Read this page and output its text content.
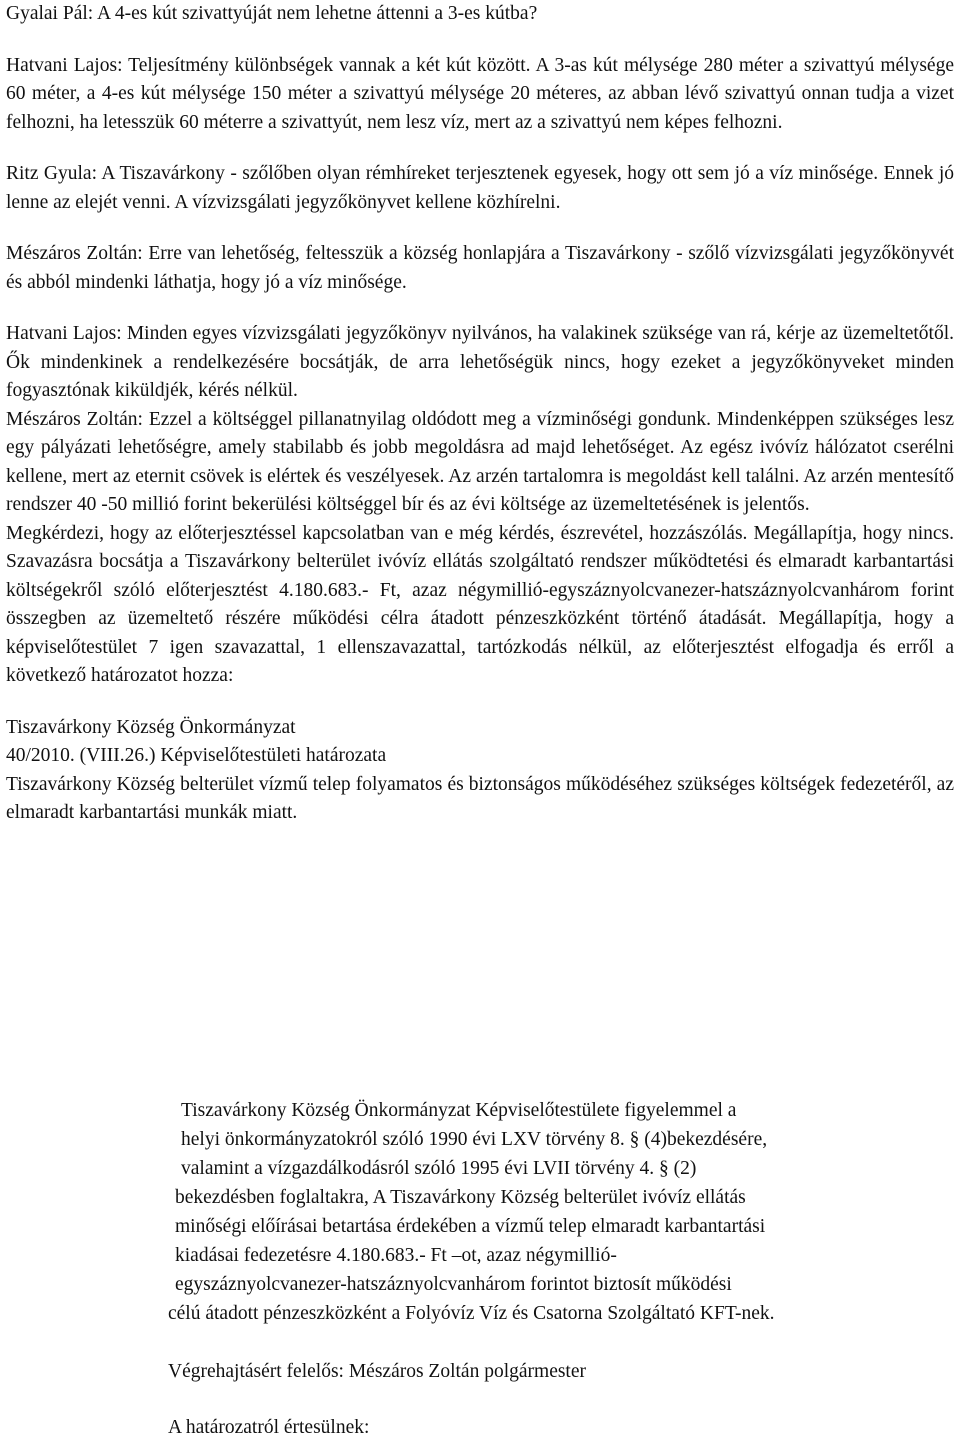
Gyalai Pál: A 4-es kút szivattyúját nem lehetne áttenni a 3-es kútba?

Hatvani Lajos: Teljesítmény különbségek vannak a két kút között. A 3-as kút mélysége 280 méter a szivattyú mélysége 60 méter, a 4-es kút mélysége 150 méter a szivattyú mélysége 20 méteres, az abban lévő szivattyú onnan tudja a vizet felhozni, ha letesszük 60 méterre a szivattyút, nem lesz víz, mert az a szivattyú nem képes felhozni.

Ritz Gyula: A Tiszavárkony - szőlőben olyan rémhíreket terjesztenek egyesek, hogy ott sem jó a víz minősége. Ennek jó lenne az elejét venni. A vízvizsgálati jegyzőkönyvet kellene közhírelni.

Mészáros Zoltán: Erre van lehetőség, feltesszük a község honlapjára a Tiszavárkony - szőlő vízvizsgálati jegyzőkönyvét és abból mindenki láthatja, hogy jó a víz minősége.

Hatvani Lajos: Minden egyes vízvizsgálati jegyzőkönyv nyilvános, ha valakinek szüksége van rá, kérje az üzemeltetőtől. Ők mindenkinek a rendelkezésére bocsátják, de arra lehetőségük nincs, hogy ezeket a jegyzőkönyveket minden fogyasztónak kiküldjék, kérés nélkül.

Mészáros Zoltán: Ezzel a költséggel pillanatnyilag oldódott meg a vízminőségi gondunk. Mindenképpen szükséges lesz egy pályázati lehetőségre, amely stabilabb és jobb megoldásra ad majd lehetőséget. Az egész ivóvíz hálózatot cserélni kellene, mert az eternit csövek is elértek és veszélyesek. Az arzén tartalomra is megoldást kell találni. Az arzén mentesítő rendszer 40 -50 millió forint bekerülési költséggel bír és az évi költsége az üzemeltetésének is jelentős.

Megkérdezi, hogy az előterjesztéssel kapcsolatban van e még kérdés, észrevétel, hozzászólás. Megállapítja, hogy nincs. Szavazásra bocsátja a Tiszavárkony belterület ivóvíz ellátás szolgáltató rendszer működtetési és elmaradt karbantartási költségekről szóló előterjesztést 4.180.683.- Ft, azaz négymillió-egyszáznyolcvanezer-hatszáznyolcvanhárom forint összegben az üzemeltető részére működési célra átadott pénzeszközként történő átadását. Megállapítja, hogy a képviselőtestület 7 igen szavazattal, 1 ellenszavazattal, tartózkodás nélkül, az előterjesztést elfogadja és erről a következő határozatot hozza:

Tiszavárkony Község Önkormányzat

40/2010. (VIII.26.) Képviselőtestületi határozata

Tiszavárkony Község belterület vízmű telep folyamatos és biztonságos működéséhez szükséges költségek fedezetéről, az elmaradt karbantartási munkák miatt.

Tiszavárkony Község Önkormányzat Képviselőtestülete figyelemmel a

helyi önkormányzatokról szóló 1990 évi LXV törvény 8. § (4)bekezdésére,

valamint a vízgazdálkodásról szóló 1995 évi LVII törvény 4. § (2)

bekezdésben foglaltakra, A Tiszavárkony Község belterület ivóvíz ellátás

minőségi előírásai betartása érdekében a vízmű telep elmaradt karbantartási

kiadásai fedezetésre 4.180.683.- Ft –ot, azaz négymillió-

egyszáznyolcvanezer-hatszáznyolcvanhárom forintot biztosít működési

célú átadott pénzeszközként a Folyóvíz Víz és Csatorna Szolgáltató KFT-nek.

Végrehajtásért felelős: Mészáros Zoltán polgármester
A határozatról értesülnek:
